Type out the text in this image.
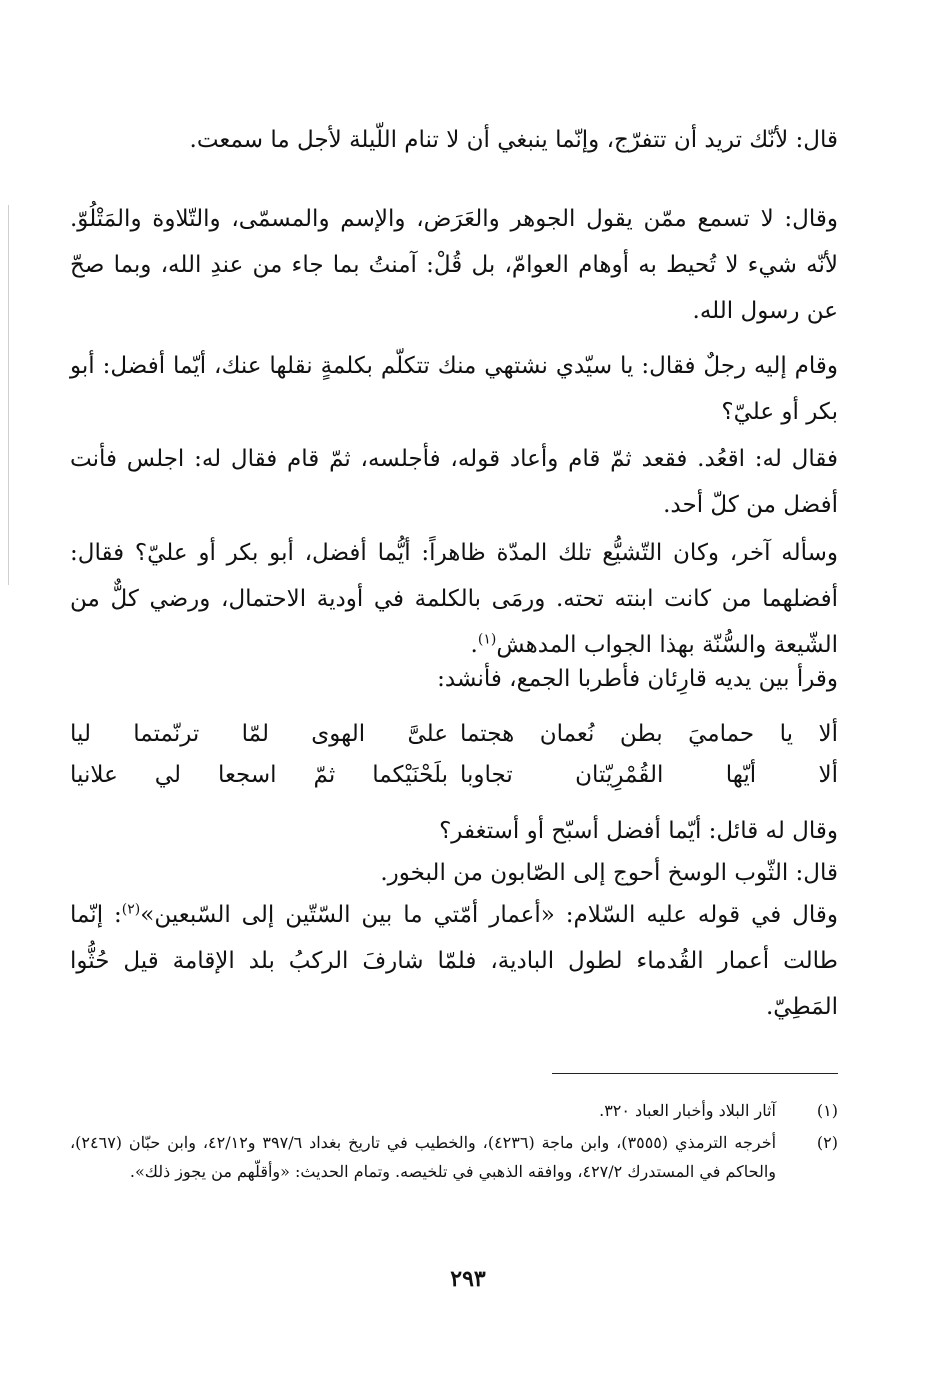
قال: لأنّك تريد أن تتفرّج، وإنّما ينبغي أن لا تنام اللّيلة لأجل ما سمعت.

وقال: لا تسمع ممّن يقول الجوهر والعَرَض، والإسم والمسمّى، والتّلاوة والمَتْلُوّ. لأنّه شيء لا تُحيط به أوهام العوامّ، بل قُلْ: آمنتُ بما جاء من عندِ الله، وبما صحّ عن رسول الله.

وقام إليه رجلٌ فقال: يا سيّدي نشتهي منك تتكلّم بكلمةٍ نقلها عنك، أيّما أفضل: أبو بكر أو عليّ؟

فقال له: اقعُد. فقعد ثمّ قام وأعاد قوله، فأجلسه، ثمّ قام فقال له: اجلس فأنت أفضل من كلّ أحد.

وسأله آخر، وكان التّشيُّع تلك المدّة ظاهراً: أيُّما أفضل، أبو بكر أو عليّ؟ فقال: أفضلهما من كانت ابنته تحته. ورمَى بالكلمة في أودية الاحتمال، ورضي كلٌّ من الشّيعة والسُّنّة بهذا الجواب المدهش$^{(١)}$.

وقرأ بين يديه قارِئان فأطربا الجمع، فأنشد:

ألا يا حماميَ بطن نُعمان هجتما
علىَّ الهوى لمّا ترنّمتما ليا
ألا أيّها القُمْرِيّتان تجاوبا
بلَحْنَيْكما ثمّ اسجعا لي علانيا

وقال له قائل: أيّما أفضل أسبّح أو أستغفر؟

قال: الثّوب الوسخ أحوج إلى الصّابون من البخور.

وقال في قوله عليه السّلام: «أعمار أمّتي ما بين السّتّين إلى السّبعين»$^{(٢)}$: إنّما طالت أعمار القُدماء لطول البادية، فلمّا شارفَ الركبُ بلد الإقامة قيل حُثُّوا المَطِيّ.

(١)
آثار البلاد وأخبار العباد ٣٢٠.
(٢)
أخرجه الترمذي (٣٥٥٥)، وابن ماجة (٤٢٣٦)، والخطيب في تاريخ بغداد ٣٩٧/٦ و٤٢/١٢، وابن حبّان (٢٤٦٧)، والحاكم في المستدرك ٤٢٧/٢، ووافقه الذهبي في تلخيصه. وتمام الحديث: «وأقلّهم من يجوز ذلك».
٢٩٣
